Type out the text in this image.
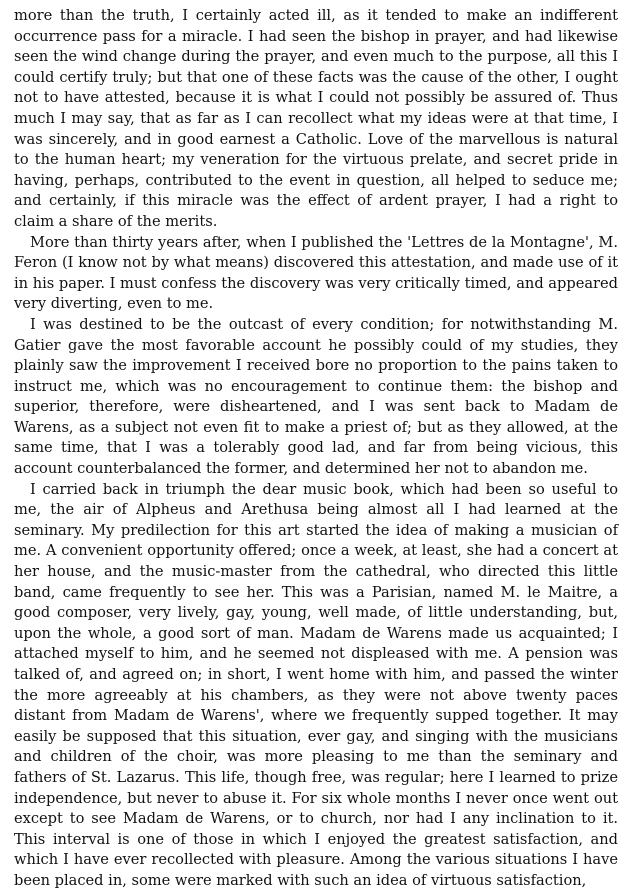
more than the truth, I certainly acted ill, as it tended to make an indifferent occurrence pass for a miracle. I had seen the bishop in prayer, and had likewise seen the wind change during the prayer, and even much to the purpose, all this I could certify truly; but that one of these facts was the cause of the other, I ought not to have attested, because it is what I could not possibly be assured of. Thus much I may say, that as far as I can recollect what my ideas were at that time, I was sincerely, and in good earnest a Catholic. Love of the marvellous is natural to the human heart; my veneration for the virtuous prelate, and secret pride in having, perhaps, contributed to the event in question, all helped to seduce me; and certainly, if this miracle was the effect of ardent prayer, I had a right to claim a share of the merits.

More than thirty years after, when I published the 'Lettres de la Montagne', M. Feron (I know not by what means) discovered this attestation, and made use of it in his paper. I must confess the discovery was very critically timed, and appeared very diverting, even to me.

I was destined to be the outcast of every condition; for notwithstanding M. Gatier gave the most favorable account he possibly could of my studies, they plainly saw the improvement I received bore no proportion to the pains taken to instruct me, which was no encouragement to continue them: the bishop and superior, therefore, were disheartened, and I was sent back to Madam de Warens, as a subject not even fit to make a priest of; but as they allowed, at the same time, that I was a tolerably good lad, and far from being vicious, this account counterbalanced the former, and determined her not to abandon me.

I carried back in triumph the dear music book, which had been so useful to me, the air of Alpheus and Arethusa being almost all I had learned at the seminary. My predilection for this art started the idea of making a musician of me. A convenient opportunity offered; once a week, at least, she had a concert at her house, and the music-master from the cathedral, who directed this little band, came frequently to see her. This was a Parisian, named M. le Maitre, a good composer, very lively, gay, young, well made, of little understanding, but, upon the whole, a good sort of man. Madam de Warens made us acquainted; I attached myself to him, and he seemed not displeased with me. A pension was talked of, and agreed on; in short, I went home with him, and passed the winter the more agreeably at his chambers, as they were not above twenty paces distant from Madam de Warens', where we frequently supped together. It may easily be supposed that this situation, ever gay, and singing with the musicians and children of the choir, was more pleasing to me than the seminary and fathers of St. Lazarus. This life, though free, was regular; here I learned to prize independence, but never to abuse it. For six whole months I never once went out except to see Madam de Warens, or to church, nor had I any inclination to it. This interval is one of those in which I enjoyed the greatest satisfaction, and which I have ever recollected with pleasure. Among the various situations I have been placed in, some were marked with such an idea of virtuous satisfaction,
